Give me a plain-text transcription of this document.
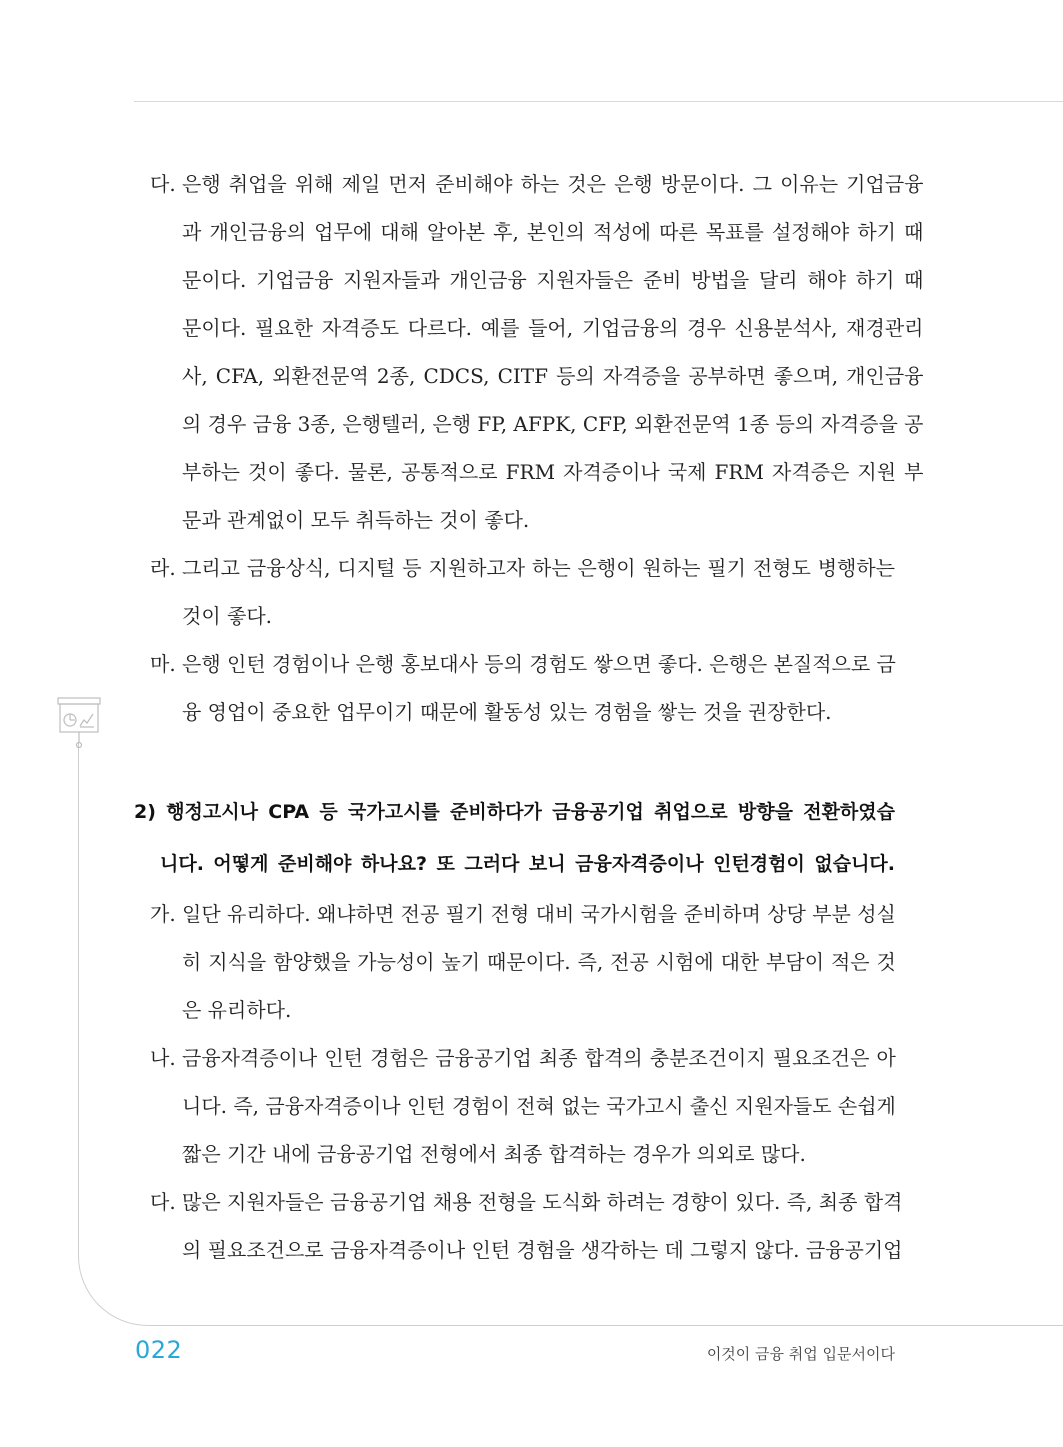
다. 은행 취업을 위해 제일 먼저 준비해야 하는 것은 은행 방문이다. 그 이유는 기업금융
과 개인금융의 업무에 대해 알아본 후, 본인의 적성에 따른 목표를 설정해야 하기 때
문이다. 기업금융 지원자들과 개인금융 지원자들은 준비 방법을 달리 해야 하기 때
문이다. 필요한 자격증도 다르다. 예를 들어, 기업금융의 경우 신용분석사, 재경관리
사, CFA, 외환전문역 2종, CDCS, CITF 등의 자격증을 공부하면 좋으며, 개인금융
의 경우 금융 3종, 은행텔러, 은행 FP, AFPK, CFP, 외환전문역 1종 등의 자격증을 공
부하는 것이 좋다. 물론, 공통적으로 FRM 자격증이나 국제 FRM 자격증은 지원 부
문과 관계없이 모두 취득하는 것이 좋다.
라. 그리고 금융상식, 디지털 등 지원하고자 하는 은행이 원하는 필기 전형도 병행하는
것이 좋다.
마. 은행 인턴 경험이나 은행 홍보대사 등의 경험도 쌓으면 좋다. 은행은 본질적으로 금
융 영업이 중요한 업무이기 때문에 활동성 있는 경험을 쌓는 것을 권장한다.
2) 행정고시나 CPA 등 국가고시를 준비하다가 금융공기업 취업으로 방향을 전환하였습
니다. 어떻게 준비해야 하나요? 또 그러다 보니 금융자격증이나 인턴경험이 없습니다.
가. 일단 유리하다. 왜냐하면 전공 필기 전형 대비 국가시험을 준비하며 상당 부분 성실
히 지식을 함양했을 가능성이 높기 때문이다. 즉, 전공 시험에 대한 부담이 적은 것
은 유리하다.
나. 금융자격증이나 인턴 경험은 금융공기업 최종 합격의 충분조건이지 필요조건은 아
니다. 즉, 금융자격증이나 인턴 경험이 전혀 없는 국가고시 출신 지원자들도 손쉽게
짧은 기간 내에 금융공기업 전형에서 최종 합격하는 경우가 의외로 많다.
다. 많은 지원자들은 금융공기업 채용 전형을 도식화 하려는 경향이 있다. 즉, 최종 합격
의 필요조건으로 금융자격증이나 인턴 경험을 생각하는 데 그렇지 않다. 금융공기업
022	이것이 금융 취업 입문서이다
